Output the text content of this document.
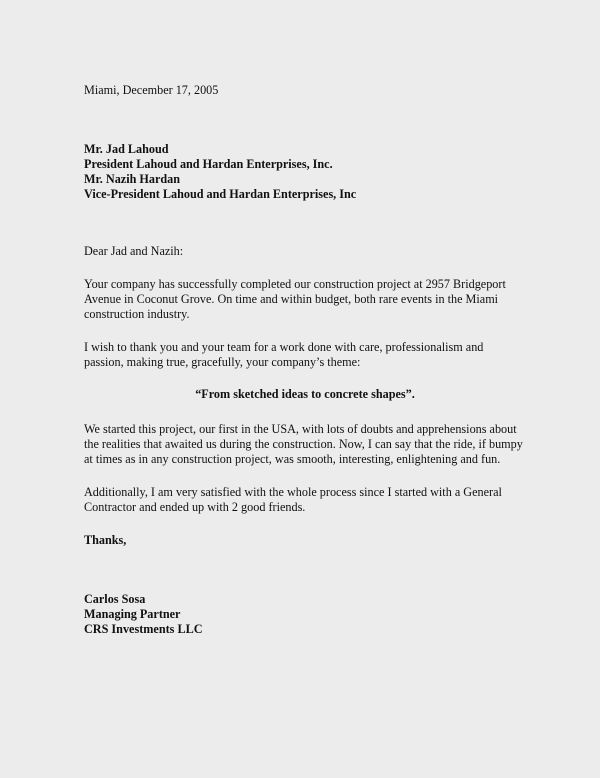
Miami, December 17, 2005
Mr. Jad Lahoud
President Lahoud and Hardan Enterprises, Inc.
Mr. Nazih Hardan
Vice-President Lahoud and Hardan Enterprises, Inc
Dear Jad and Nazih:

Your company has successfully completed our construction project at 2957 Bridgeport Avenue in Coconut Grove. On time and within budget, both rare events in the Miami construction industry.

I wish to thank you and your team for a work done with care, professionalism and passion, making true, gracefully, your company’s theme:

“From sketched ideas to concrete shapes”.

We started this project, our first in the USA, with lots of doubts and apprehensions about the realities that awaited us during the construction. Now, I can say that the ride, if bumpy at times as in any construction project, was smooth, interesting, enlightening and fun.

Additionally, I am very satisfied with the whole process since I started with a General Contractor and ended up with 2 good friends.

Thanks,
Carlos Sosa
Managing Partner
CRS Investments LLC
